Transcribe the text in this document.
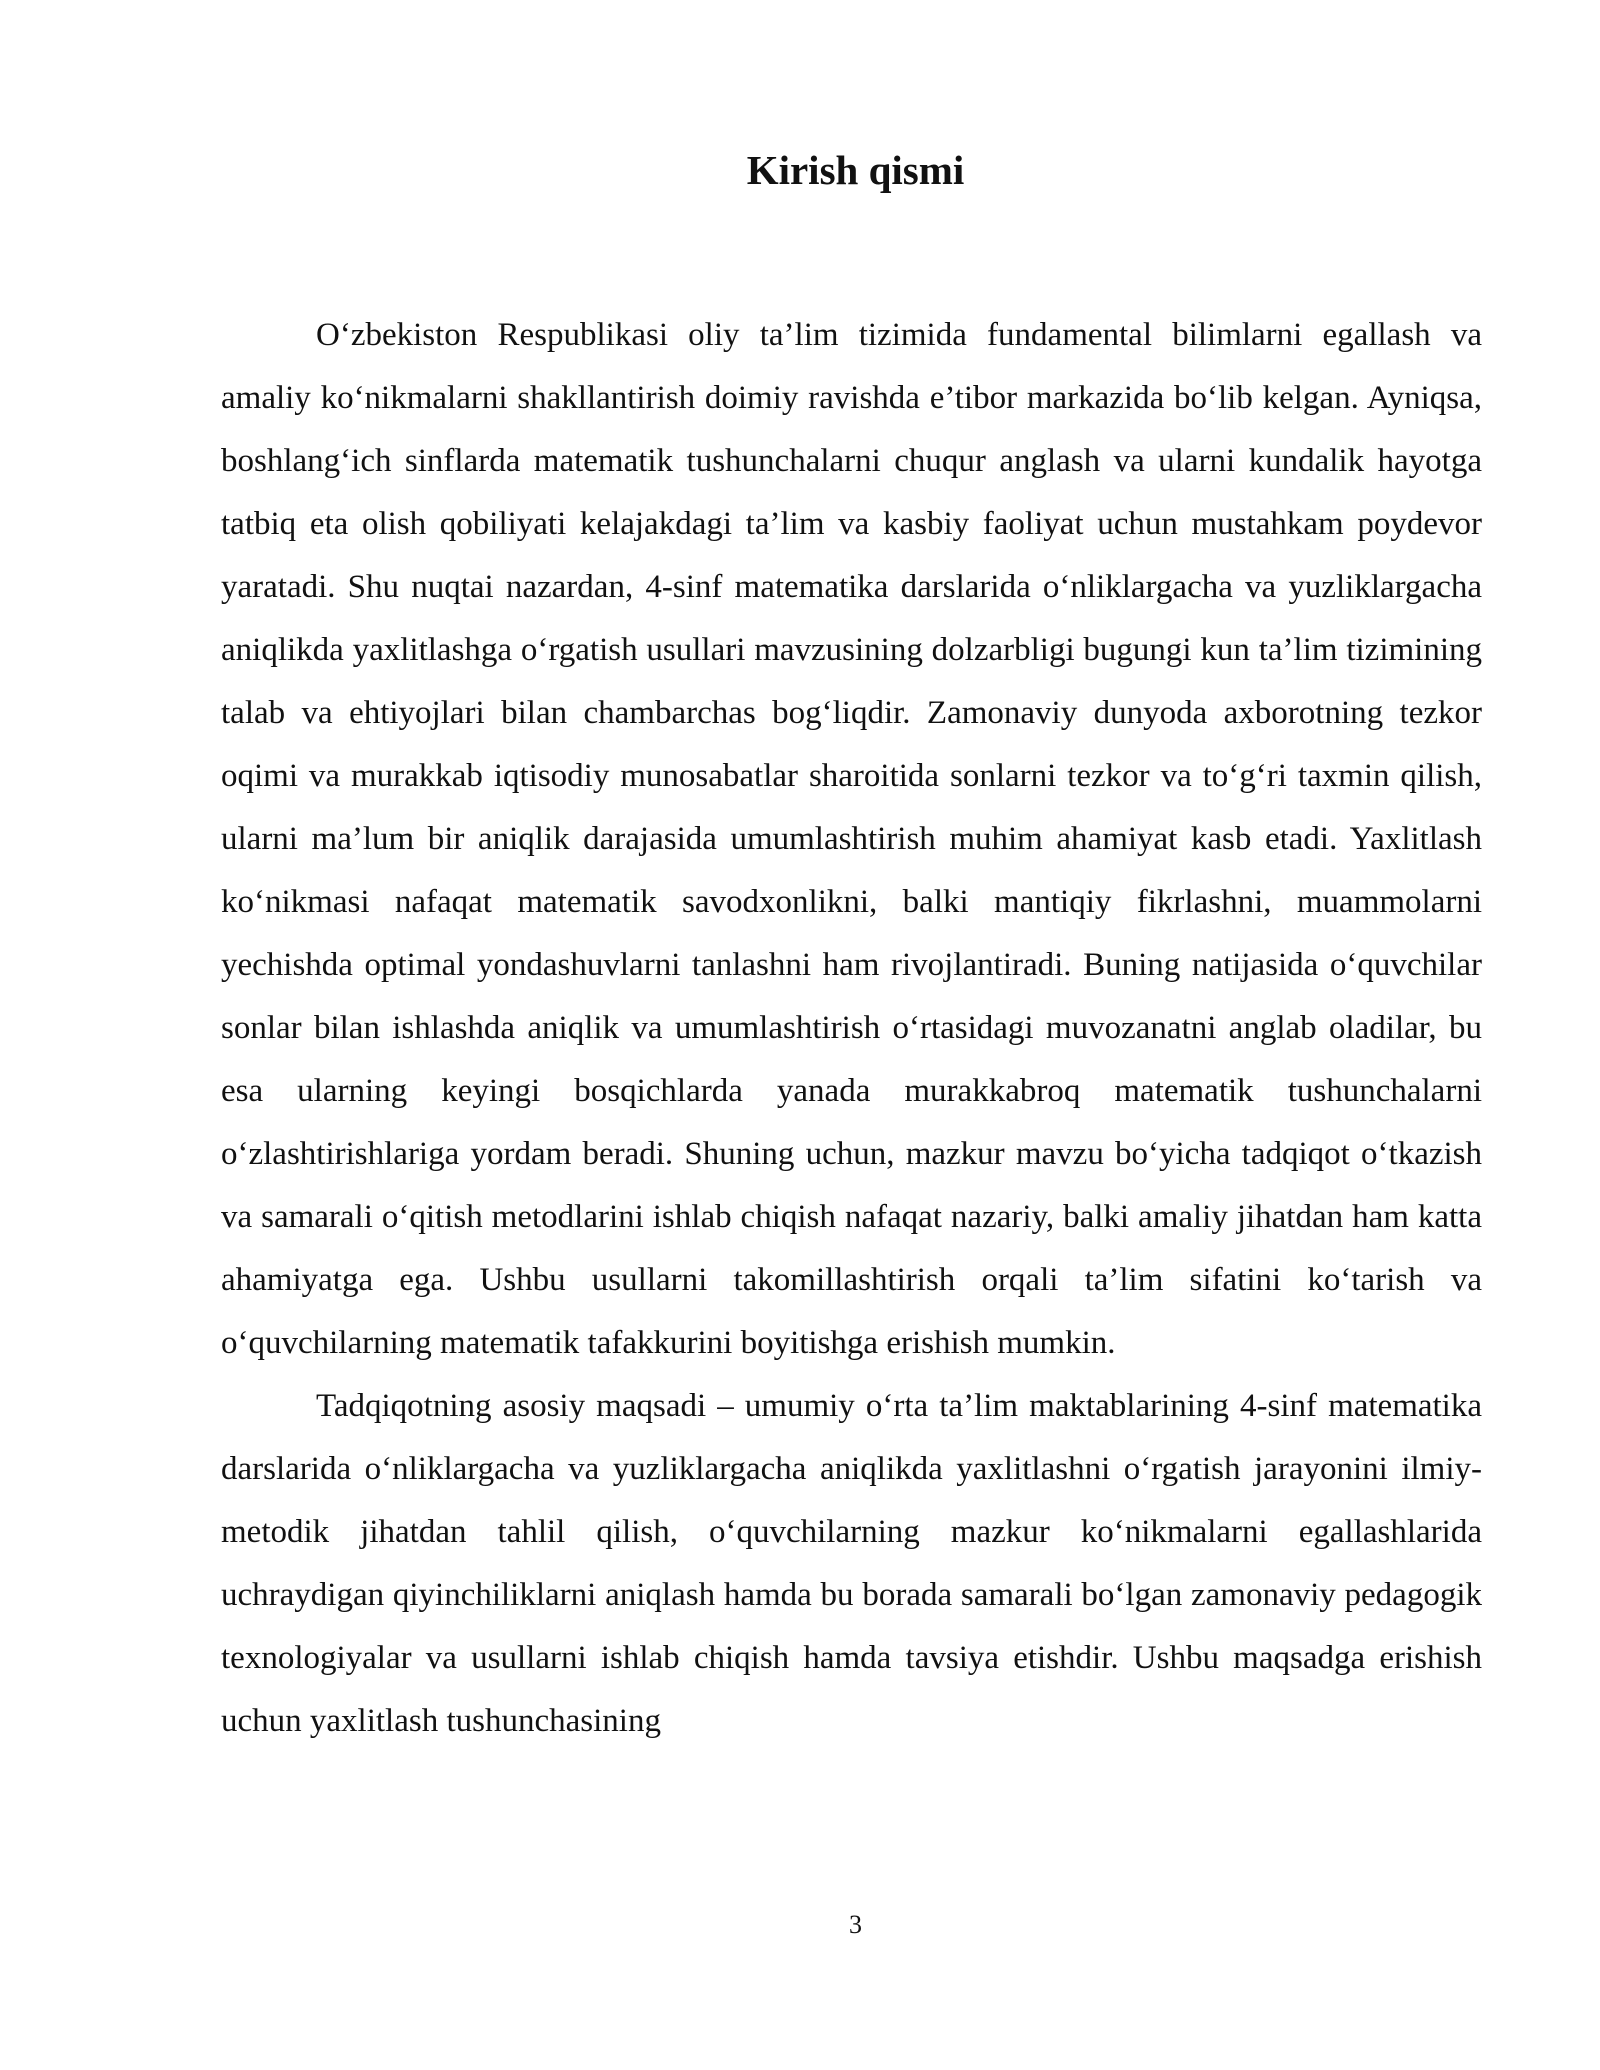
Kirish qismi

O‘zbekiston Respublikasi oliy ta’lim tizimida fundamental bilimlarni egallash va amaliy ko‘nikmalarni shakllantirish doimiy ravishda e’tibor markazida bo‘lib kelgan. Ayniqsa, boshlang‘ich sinflarda matematik tushunchalarni chuqur anglash va ularni kundalik hayotga tatbiq eta olish qobiliyati kelajakdagi ta’lim va kasbiy faoliyat uchun mustahkam poydevor yaratadi. Shu nuqtai nazardan, 4-sinf matematika darslarida o‘nliklargacha va yuzliklargacha aniqlikda yaxlitlashga o‘rgatish usullari mavzusining dolzarbligi bugungi kun ta’lim tizimining talab va ehtiyojlari bilan chambarchas bog‘liqdir. Zamonaviy dunyoda axborotning tezkor oqimi va murakkab iqtisodiy munosabatlar sharoitida sonlarni tezkor va to‘g‘ri taxmin qilish, ularni ma’lum bir aniqlik darajasida umumlashtirish muhim ahamiyat kasb etadi. Yaxlitlash ko‘nikmasi nafaqat matematik savodxonlikni, balki mantiqiy fikrlashni, muammolarni yechishda optimal yondashuvlarni tanlashni ham rivojlantiradi. Buning natijasida o‘quvchilar sonlar bilan ishlashda aniqlik va umumlashtirish o‘rtasidagi muvozanatni anglab oladilar, bu esa ularning keyingi bosqichlarda yanada murakkabroq matematik tushunchalarni o‘zlashtirishlariga yordam beradi. Shuning uchun, mazkur mavzu bo‘yicha tadqiqot o‘tkazish va samarali o‘qitish metodlarini ishlab chiqish nafaqat nazariy, balki amaliy jihatdan ham katta ahamiyatga ega. Ushbu usullarni takomillashtirish orqali ta’lim sifatini ko‘tarish va o‘quvchilarning matematik tafakkurini boyitishga erishish mumkin.

Tadqiqotning asosiy maqsadi – umumiy o‘rta ta’lim maktablarining 4-sinf matematika darslarida o‘nliklargacha va yuzliklargacha aniqlikda yaxlitlashni o‘rgatish jarayonini ilmiy-metodik jihatdan tahlil qilish, o‘quvchilarning mazkur ko‘nikmalarni egallashlarida uchraydigan qiyinchiliklarni aniqlash hamda bu borada samarali bo‘lgan zamonaviy pedagogik texnologiyalar va usullarni ishlab chiqish hamda tavsiya etishdir. Ushbu maqsadga erishish uchun yaxlitlash tushunchasining

3
